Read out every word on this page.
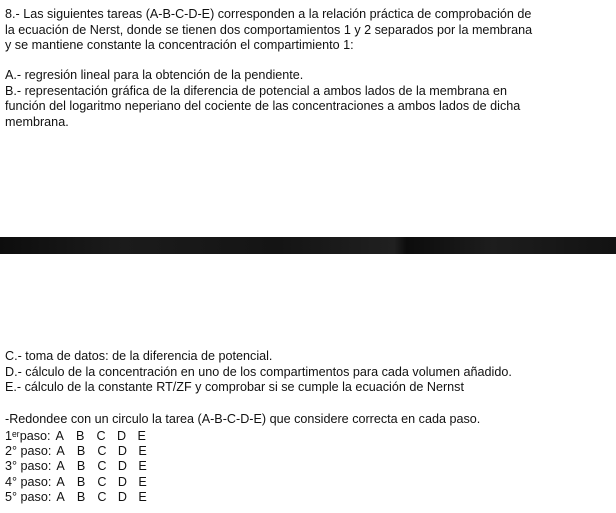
8.- Las siguientes tareas (A-B-C-D-E) corresponden a la relación práctica de comprobación de
la ecuación de Nerst, donde se tienen dos comportamientos 1 y 2 separados por la membrana
y se mantiene constante la concentración el compartimiento 1:
A.- regresión lineal para la obtención de la pendiente.
B.- representación gráfica de la diferencia de potencial a ambos lados de la membrana en
función del logaritmo neperiano del cociente de las concentraciones a ambos lados de dicha
membrana.
C.- toma de datos: de la diferencia de potencial.
D.- cálculo de la concentración en uno de los compartimentos para cada volumen añadido.
E.- cálculo de la constante RT/ZF y comprobar si se cumple la ecuación de Nernst
-Redondee con un circulo la tarea (A-B-C-D-E) que considere correcta en cada paso.
1ᵉʳpaso: A B C D E
2° paso: A B C D E
3° paso: A B C D E
4° paso: A B C D E
5° paso: A B C D E
